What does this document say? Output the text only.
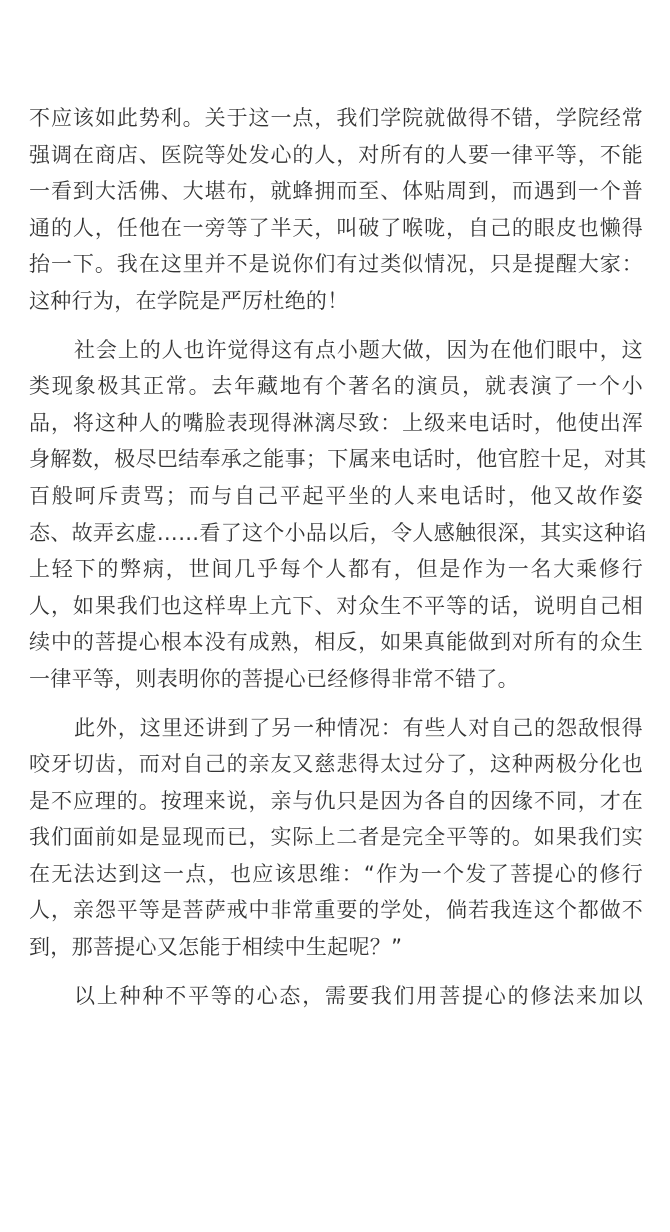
不应该如此势利。关于这一点，我们学院就做得不错，学院经常
强调在商店、医院等处发心的人，对所有的人要一律平等，不能
一看到大活佛、大堪布，就蜂拥而至、体贴周到，而遇到一个普
通的人，任他在一旁等了半天，叫破了喉咙，自己的眼皮也懒得
抬一下。我在这里并不是说你们有过类似情况，只是提醒大家：
这种行为，在学院是严厉杜绝的！
社会上的人也许觉得这有点小题大做，因为在他们眼中，这
类现象极其正常。去年藏地有个著名的演员，就表演了一个小
品，将这种人的嘴脸表现得淋漓尽致：上级来电话时，他使出浑
身解数，极尽巴结奉承之能事；下属来电话时，他官腔十足，对其
百般呵斥责骂；而与自己平起平坐的人来电话时，他又故作姿
态、故弄玄虚……看了这个小品以后，令人感触很深，其实这种谄
上轻下的弊病，世间几乎每个人都有，但是作为一名大乘修行
人，如果我们也这样卑上亢下、对众生不平等的话，说明自己相
续中的菩提心根本没有成熟，相反，如果真能做到对所有的众生
一律平等，则表明你的菩提心已经修得非常不错了。
此外，这里还讲到了另一种情况：有些人对自己的怨敌恨得
咬牙切齿，而对自己的亲友又慈悲得太过分了，这种两极分化也
是不应理的。按理来说，亲与仇只是因为各自的因缘不同，才在
我们面前如是显现而已，实际上二者是完全平等的。如果我们实
在无法达到这一点，也应该思维：“作为一个发了菩提心的修行
人，亲怨平等是菩萨戒中非常重要的学处，倘若我连这个都做不
到，那菩提心又怎能于相续中生起呢？”
以上种种不平等的心态，需要我们用菩提心的修法来加以
